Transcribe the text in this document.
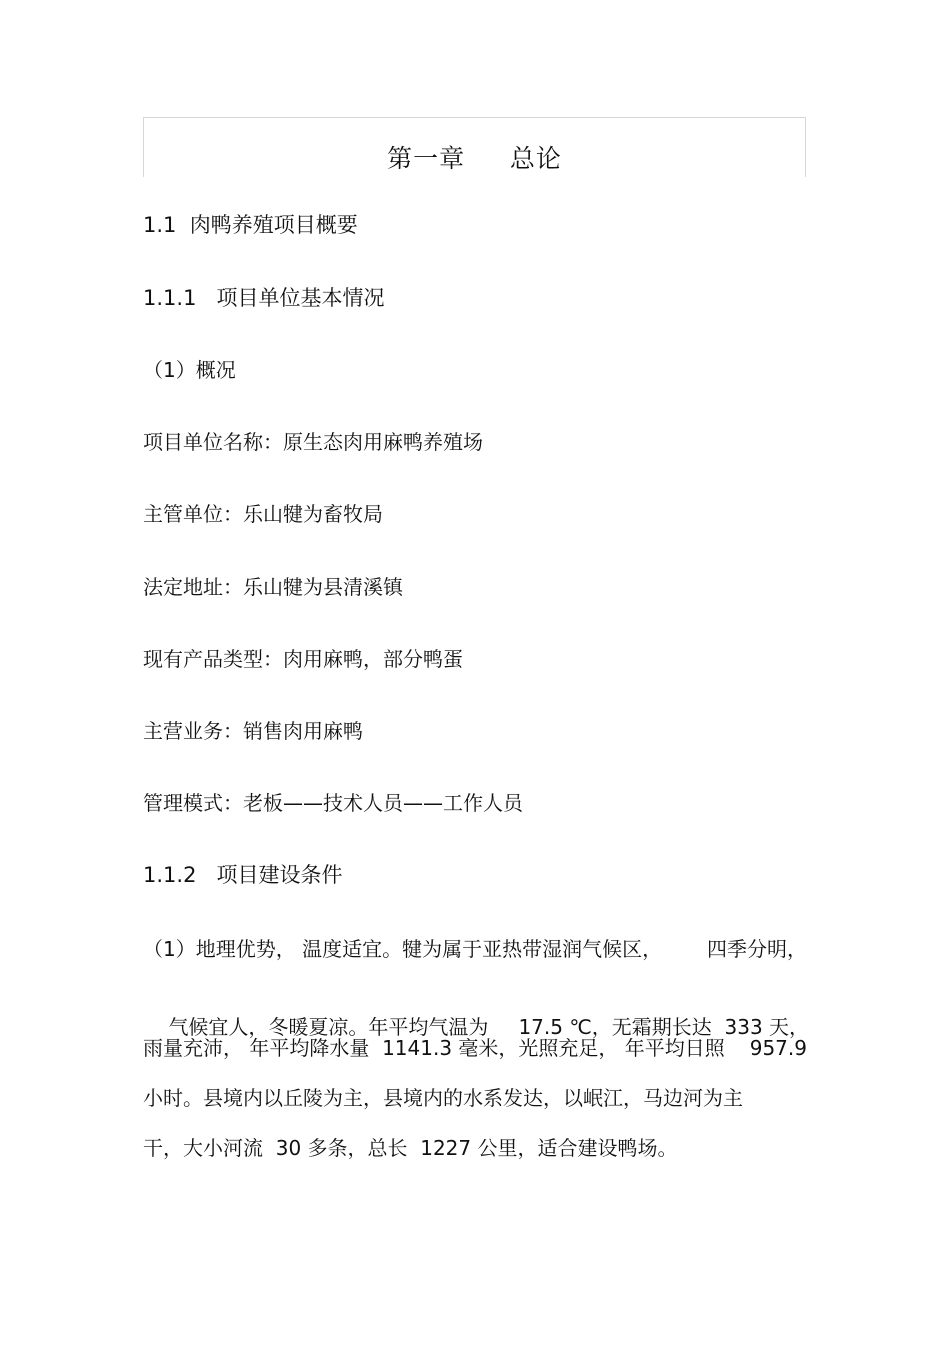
第一章     总论
1.1  肉鸭养殖项目概要
1.1.1   项目单位基本情况
（1）概况
项目单位名称：原生态肉用麻鸭养殖场
主管单位：乐山犍为畜牧局
法定地址：乐山犍为县清溪镇
现有产品类型：肉用麻鸭，部分鸭蛋
主营业务：销售肉用麻鸭
管理模式：老板——技术人员——工作人员
1.1.2   项目建设条件
（1）地理优势， 温度适宜。犍为属于亚热带湿润气候区， 四季分明，

气候宜人，冬暖夏凉。年平均气温为 17.5 ℃，无霜期长达  333 天，

雨量充沛， 年平均降水量  1141.3 毫米，光照充足， 年平均日照 957.9
小时。县境内以丘陵为主，县境内的水系发达，以岷江，马边河为主
干，大小河流  30 多条，总长  1227 公里，适合建设鸭场。
